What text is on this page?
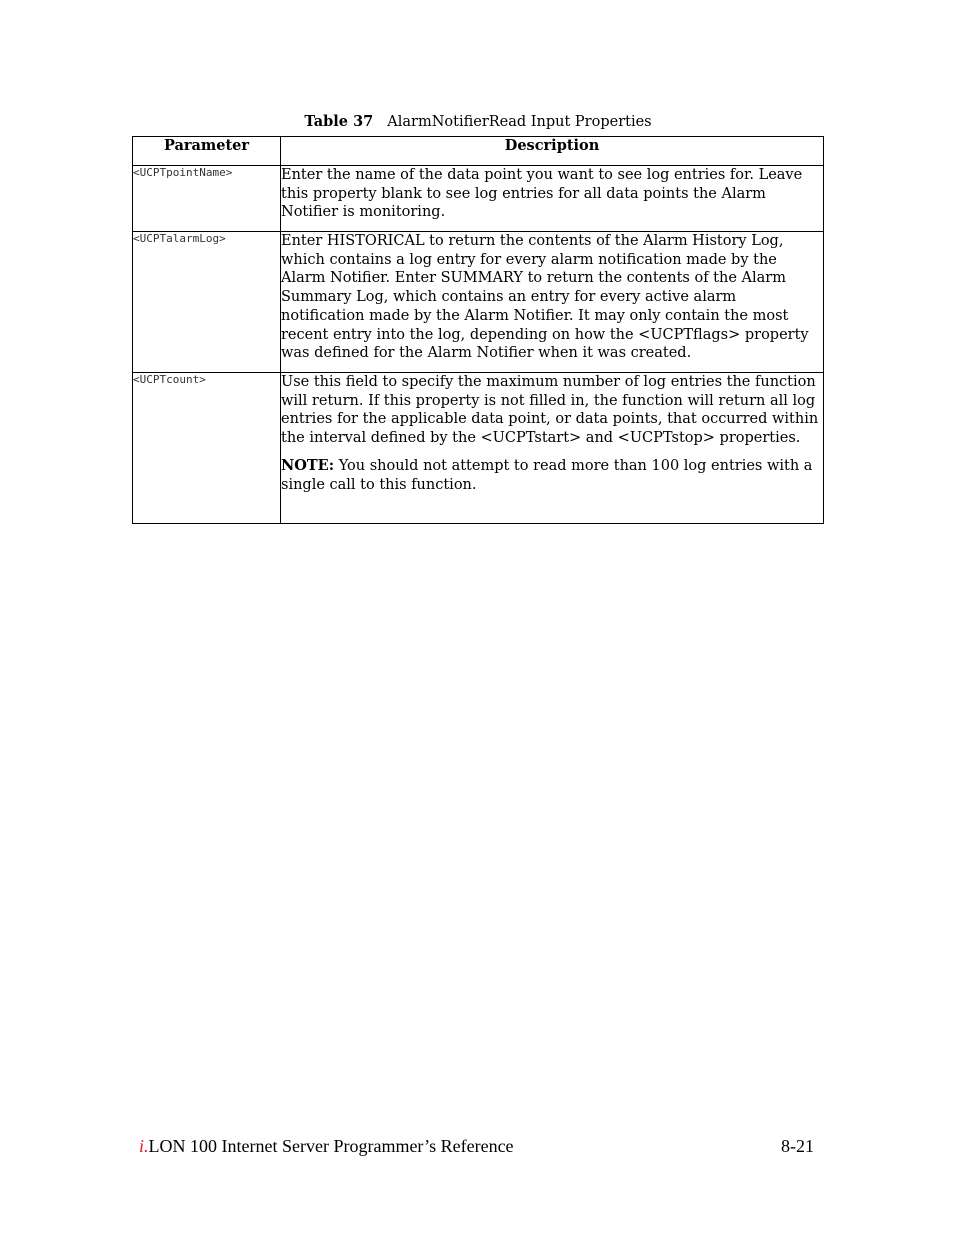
Table 37 AlarmNotifierRead Input Properties
Parameter	Description
<UCPTpointName>	Enter the name of the data point you want to see log entries for. Leave this property blank to see log entries for all data points the Alarm Notifier is monitoring.

<UCPTalarmLog>	Enter HISTORICAL to return the contents of the Alarm History Log, which contains a log entry for every alarm notification made by the Alarm Notifier. Enter SUMMARY to return the contents of the Alarm Summary Log, which contains an entry for every active alarm notification made by the Alarm Notifier. It may only contain the most recent entry into the log, depending on how the <UCPTflags> property was defined for the Alarm Notifier when it was created.

<UCPTcount>	Use this field to specify the maximum number of log entries the function will return. If this property is not filled in, the function will return all log entries for the applicable data point, or data points, that occurred within the interval defined by the <UCPTstart> and <UCPTstop> properties.

NOTE: You should not attempt to read more than 100 log entries with a single call to this function.

i.LON 100 Internet Server Programmer’s Reference	8-21
